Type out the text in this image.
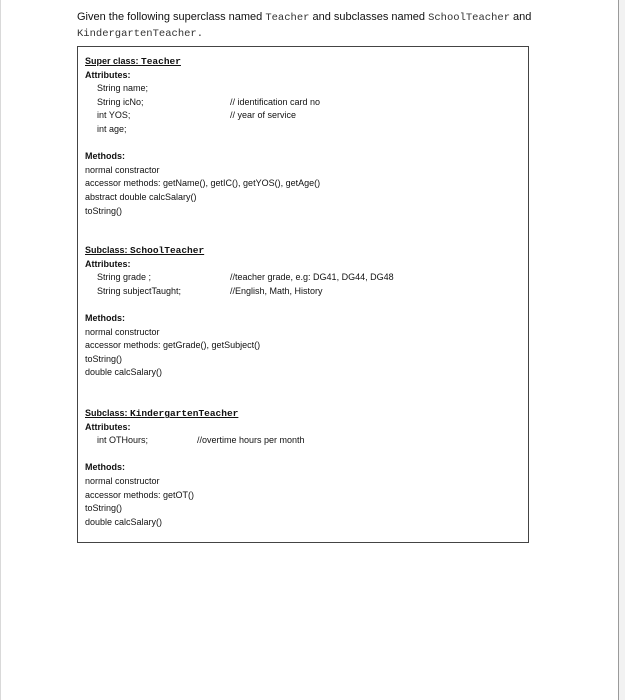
Given the following superclass named Teacher and subclasses named SchoolTeacher and
KindergartenTeacher.
Super class: Teacher
Attributes:
String name;
String icNo;	// identification card no
int YOS;	// year of service
int age;
Methods:
normal constractor
accessor methods: getName(), getIC(), getYOS(), getAge()
abstract double calcSalary()
toString()
Subclass: SchoolTeacher
Attributes:
String grade ;	//teacher grade, e.g: DG41, DG44, DG48
String subjectTaught;	//English, Math, History
Methods:
normal constructor
accessor methods: getGrade(), getSubject()
toString()
double calcSalary()
Subclass: KindergartenTeacher
Attributes:
int OTHours;	//overtime hours per month
Methods:
normal constructor
accessor methods: getOT()
toString()
double calcSalary()
